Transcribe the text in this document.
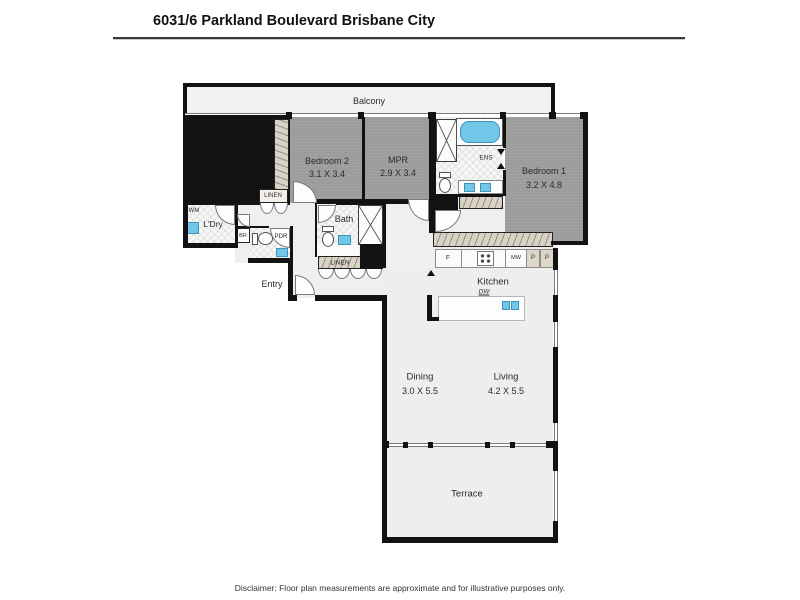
6031/6 Parkland Boulevard Brisbane City
Balcony
Bedroom 2
3.1 X 3.4
MPR
2.9 X 3.4
ENS
Bedroom 1
3.2 X 4.8
LINEN
WM
L'Dry
BR	PDR
Bath
LINEN
Entry
F	MW P P
Kitchen
DW
Dining
3.0 X 5.5
Living
4.2 X 5.5
Terrace
Disclaimer: Floor plan measurements are approximate and for illustrative purposes only.
